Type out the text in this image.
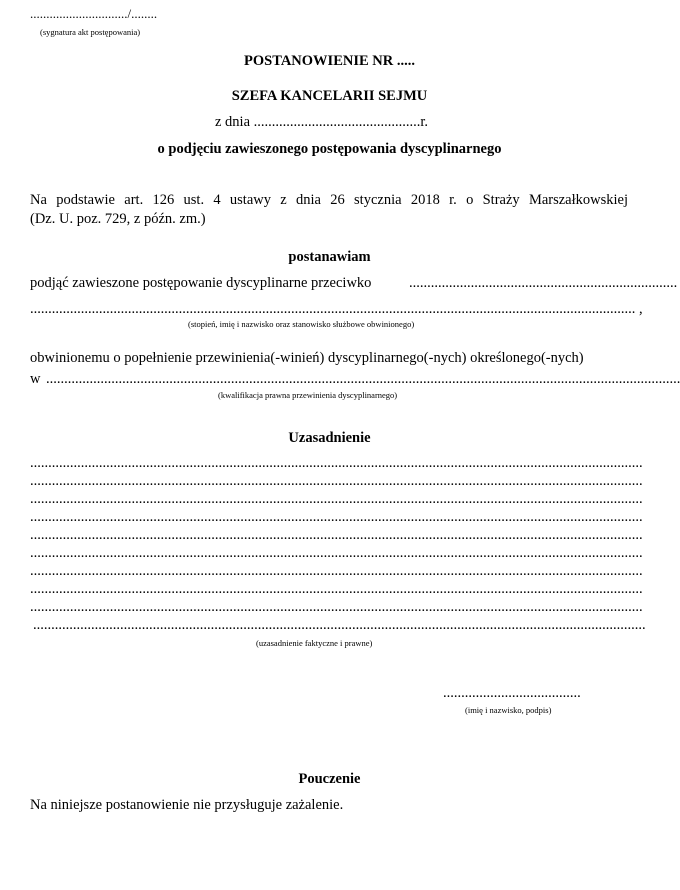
............................../........
(sygnatura akt postępowania)
POSTANOWIENIE NR .....
SZEFA KANCELARII SEJMU
z dnia ..............................................r.
o podjęciu zawieszonego postępowania dyscyplinarnego
Na podstawie art. 126 ust. 4 ustawy z dnia 26 stycznia 2018 r. o Straży Marszałkowskiej
(Dz. U. poz. 729, z późn. zm.)
postanawiam
podjąć zawieszone postępowanie dyscyplinarne przeciwko	..........................................................................
....................................................................................................................................................................... ,
(stopień, imię i nazwisko oraz stanowisko służbowe obwinionego)
obwinionemu o popełnienie przewinienia(-winień) dyscyplinarnego(-nych) określonego(-nych)
w ...............................................................................................................................................................................
(kwalifikacja prawna przewinienia dyscyplinarnego)
Uzasadnienie
.........................................................................................................................................................................
.........................................................................................................................................................................
.........................................................................................................................................................................
.........................................................................................................................................................................
.........................................................................................................................................................................
.........................................................................................................................................................................
.........................................................................................................................................................................
.........................................................................................................................................................................
.........................................................................................................................................................................
.........................................................................................................................................................................
(uzasadnienie faktyczne i prawne)
......................................
(imię i nazwisko, podpis)
Pouczenie
Na niniejsze postanowienie nie przysługuje zażalenie.
